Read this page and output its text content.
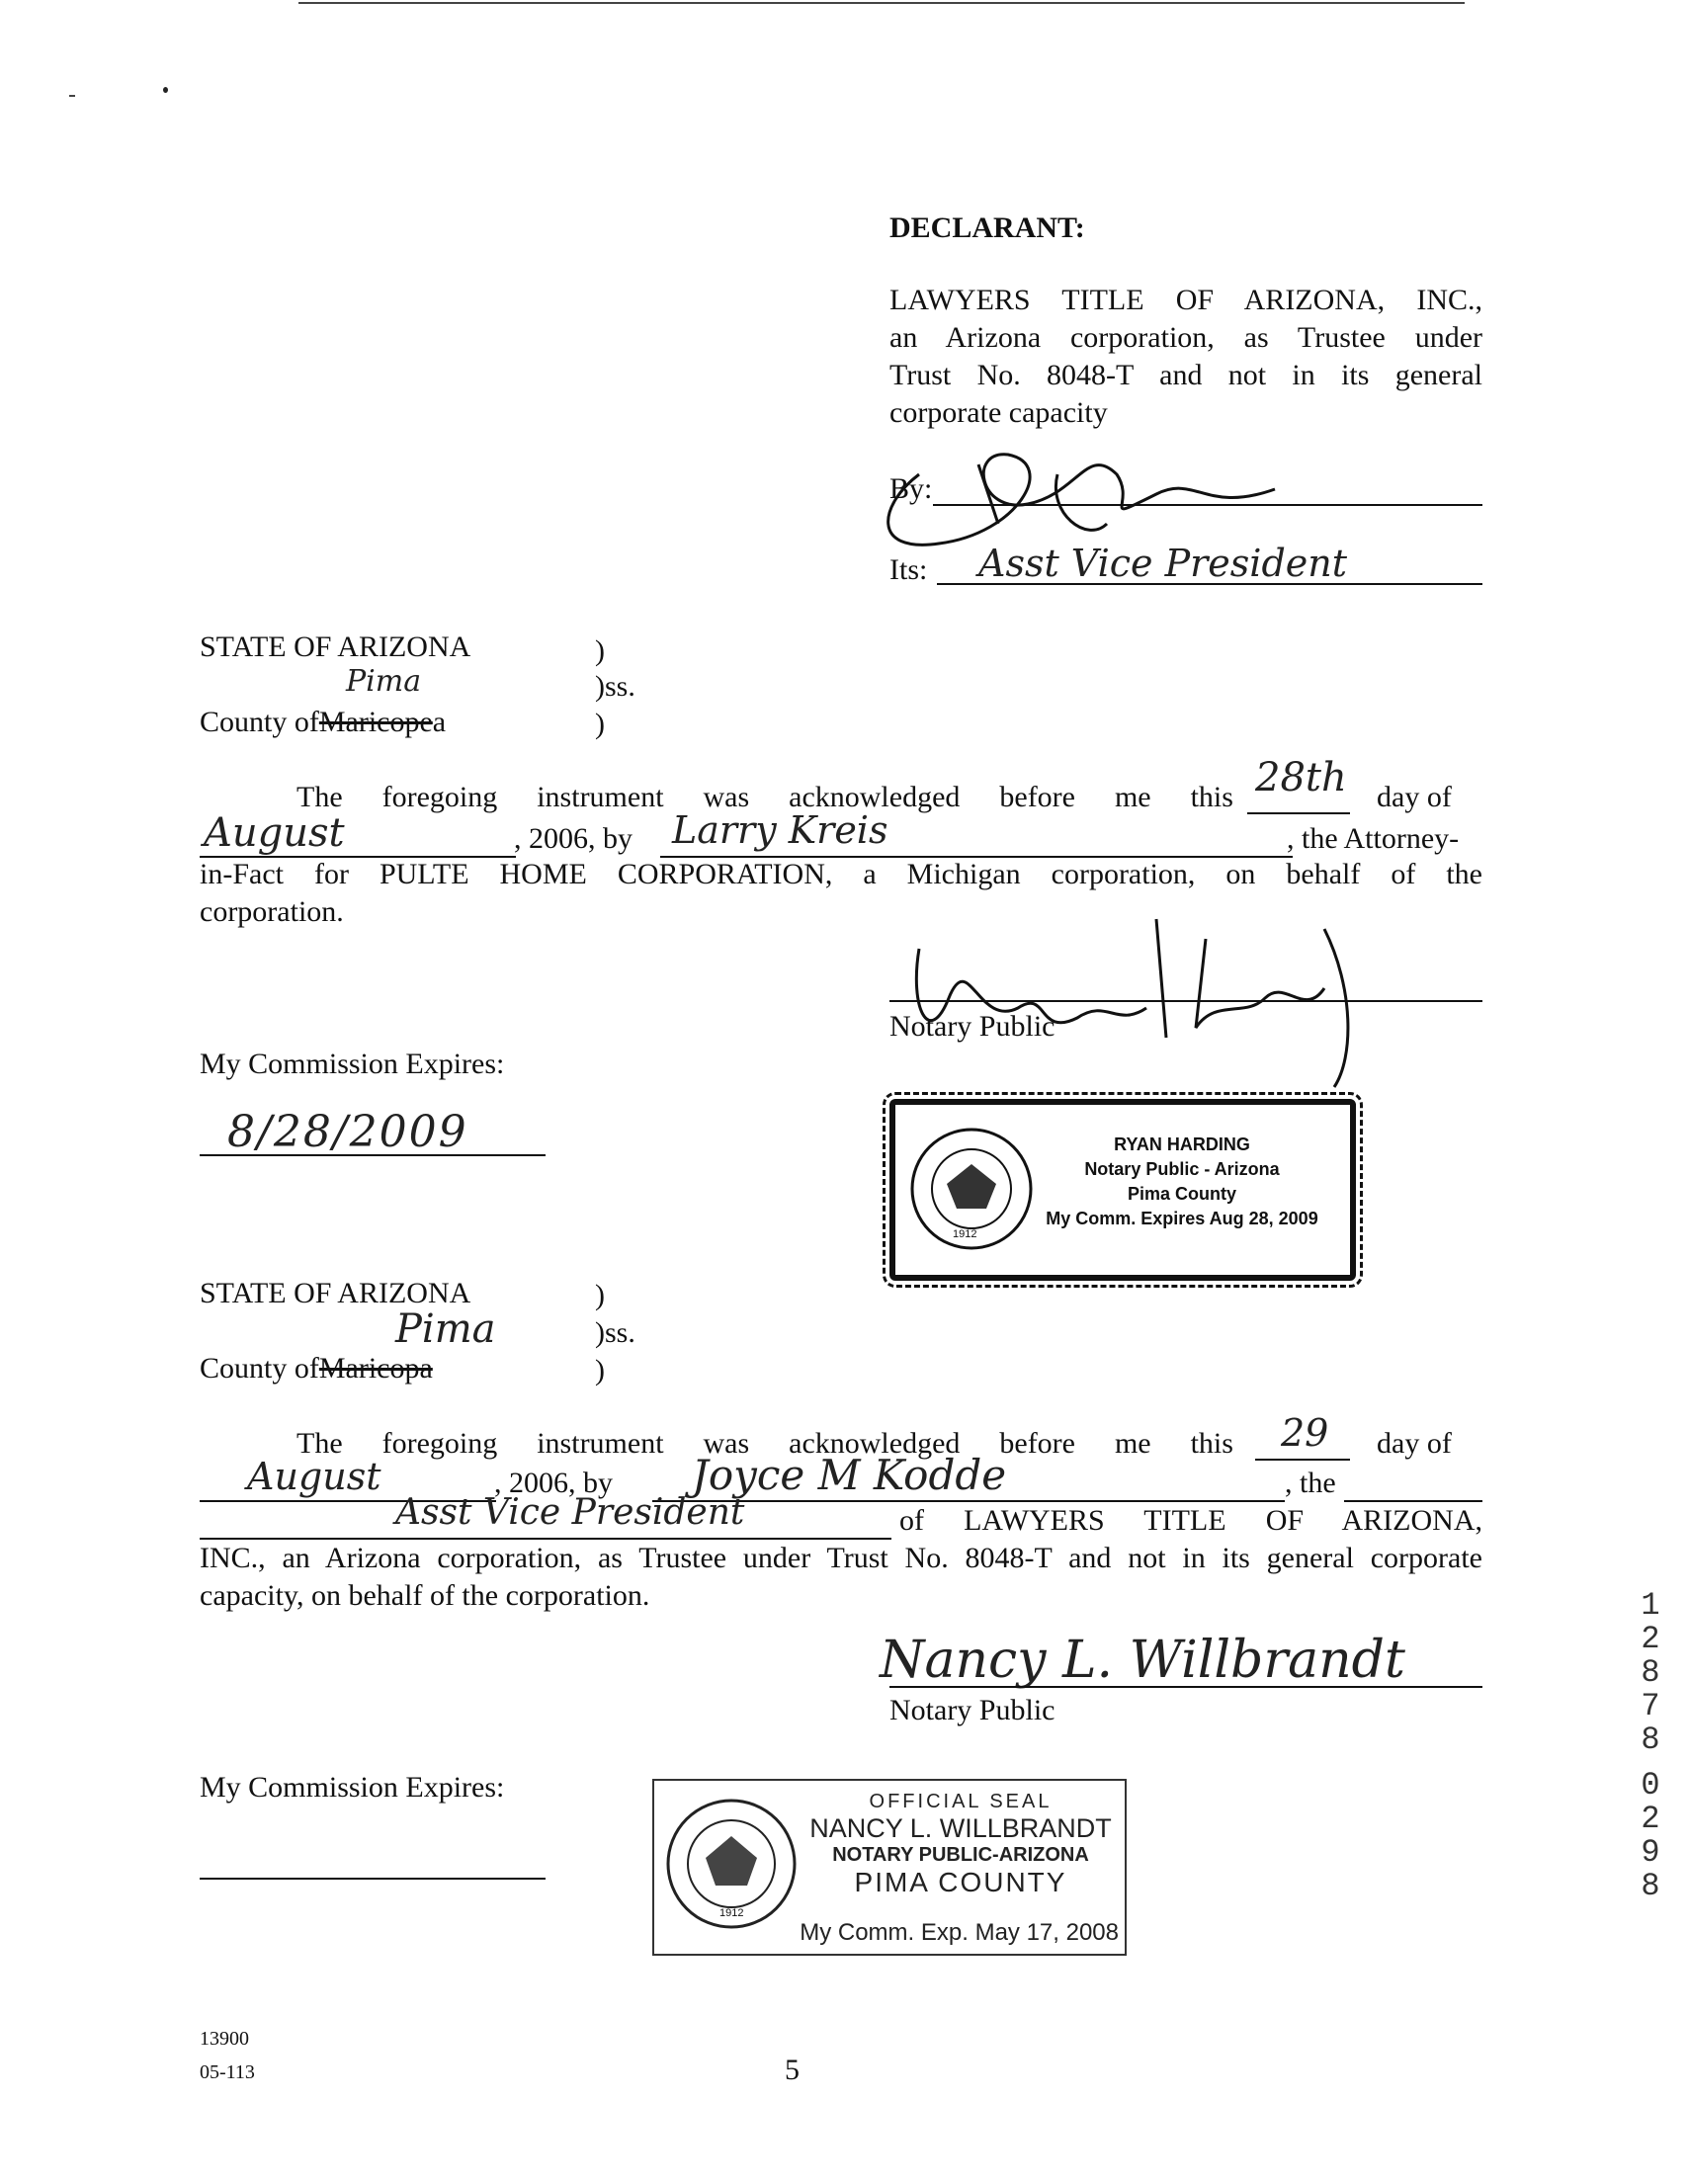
DECLARANT:
LAWYERS TITLE OF ARIZONA, INC.,
an Arizona corporation, as Trustee under
Trust No. 8048-T and not in its general
corporate capacity
By:
Its: Asst Vice President
STATE OF ARIZONA	)
)ss.
)
Pima
County ofMaricopea
The foregoing instrument was acknowledged before me this 28th day of
August	, 2006, by Larry Kreis	, the Attorney-
in-Fact for PULTE HOME CORPORATION, a Michigan corporation, on behalf of the
corporation.
Notary Public
My Commission Expires:
8/28/2009
1912
RYAN HARDING
Notary Public - Arizona
Pima County
My Comm. Expires Aug 28, 2009
STATE OF ARIZONA	)
)ss.
)
Pima
County ofMaricopa
The foregoing instrument was acknowledged before me this 29 day of
August	, 2006, by Joyce M Kodde	, the
Asst Vice President	of LAWYERS TITLE OF ARIZONA,
INC., an Arizona corporation, as Trustee under Trust No. 8048-T and not in its general corporate
capacity, on behalf of the corporation.
Nancy L. Willbrandt
Notary Public
My Commission Expires:
1912
OFFICIAL SEAL
NANCY L. WILLBRANDT
NOTARY PUBLIC-ARIZONA
PIMA COUNTY
My Comm. Exp. May 17, 2008
13900
05-113	5
12878
0298
